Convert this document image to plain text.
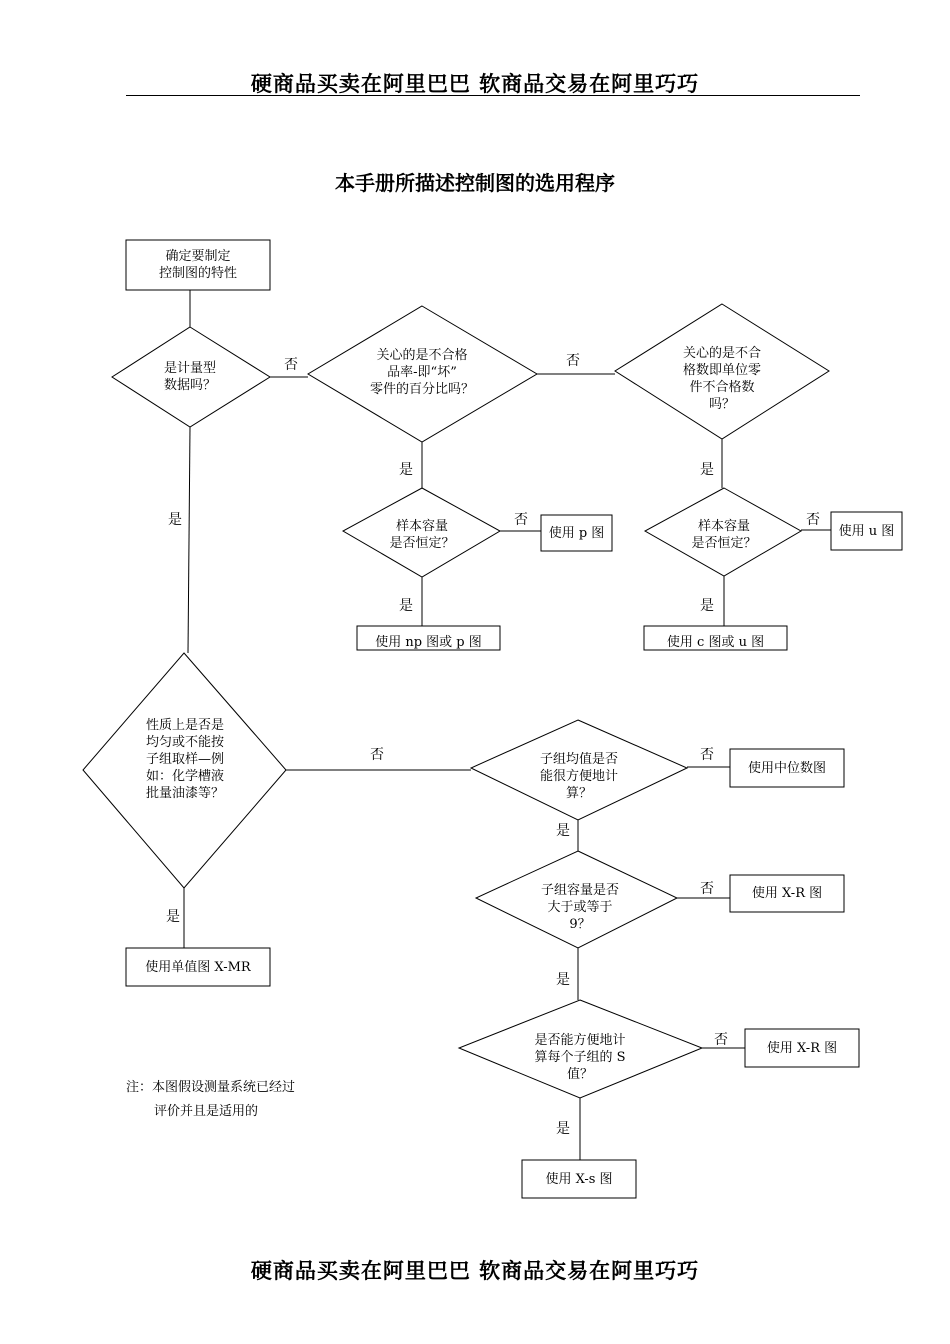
硬商品买卖在阿里巴巴 软商品交易在阿里巧巧
本手册所描述控制图的选用程序
确定要制定
控制图的特性
使用 p 图	使用 u 图
使用 np 图或 p 图	使用 c 图或 u 图
使用中位数图
使用 X-R 图
使用 X-R 图
使用单值图 X-MR
使用 X-s 图
是计量型
数据吗？
关心的是不合格
品率-即“坏”
零件的百分比吗？
关心的是不合
格数即单位零
件不合格数
吗？
样本容量
是否恒定？
样本容量
是否恒定？
性质上是否是
均匀或不能按
子组取样—例
如：化学槽液
批量油漆等？
子组均值是否
能很方便地计
算？
子组容量是否
大于或等于
9？
是否能方便地计
算每个子组的 S
值？
否	否
是
是	是
否	否
是	是
否
是
否
是
否
是
否
是
注：本图假设测量系统已经过
评价并且是适用的
硬商品买卖在阿里巴巴 软商品交易在阿里巧巧
